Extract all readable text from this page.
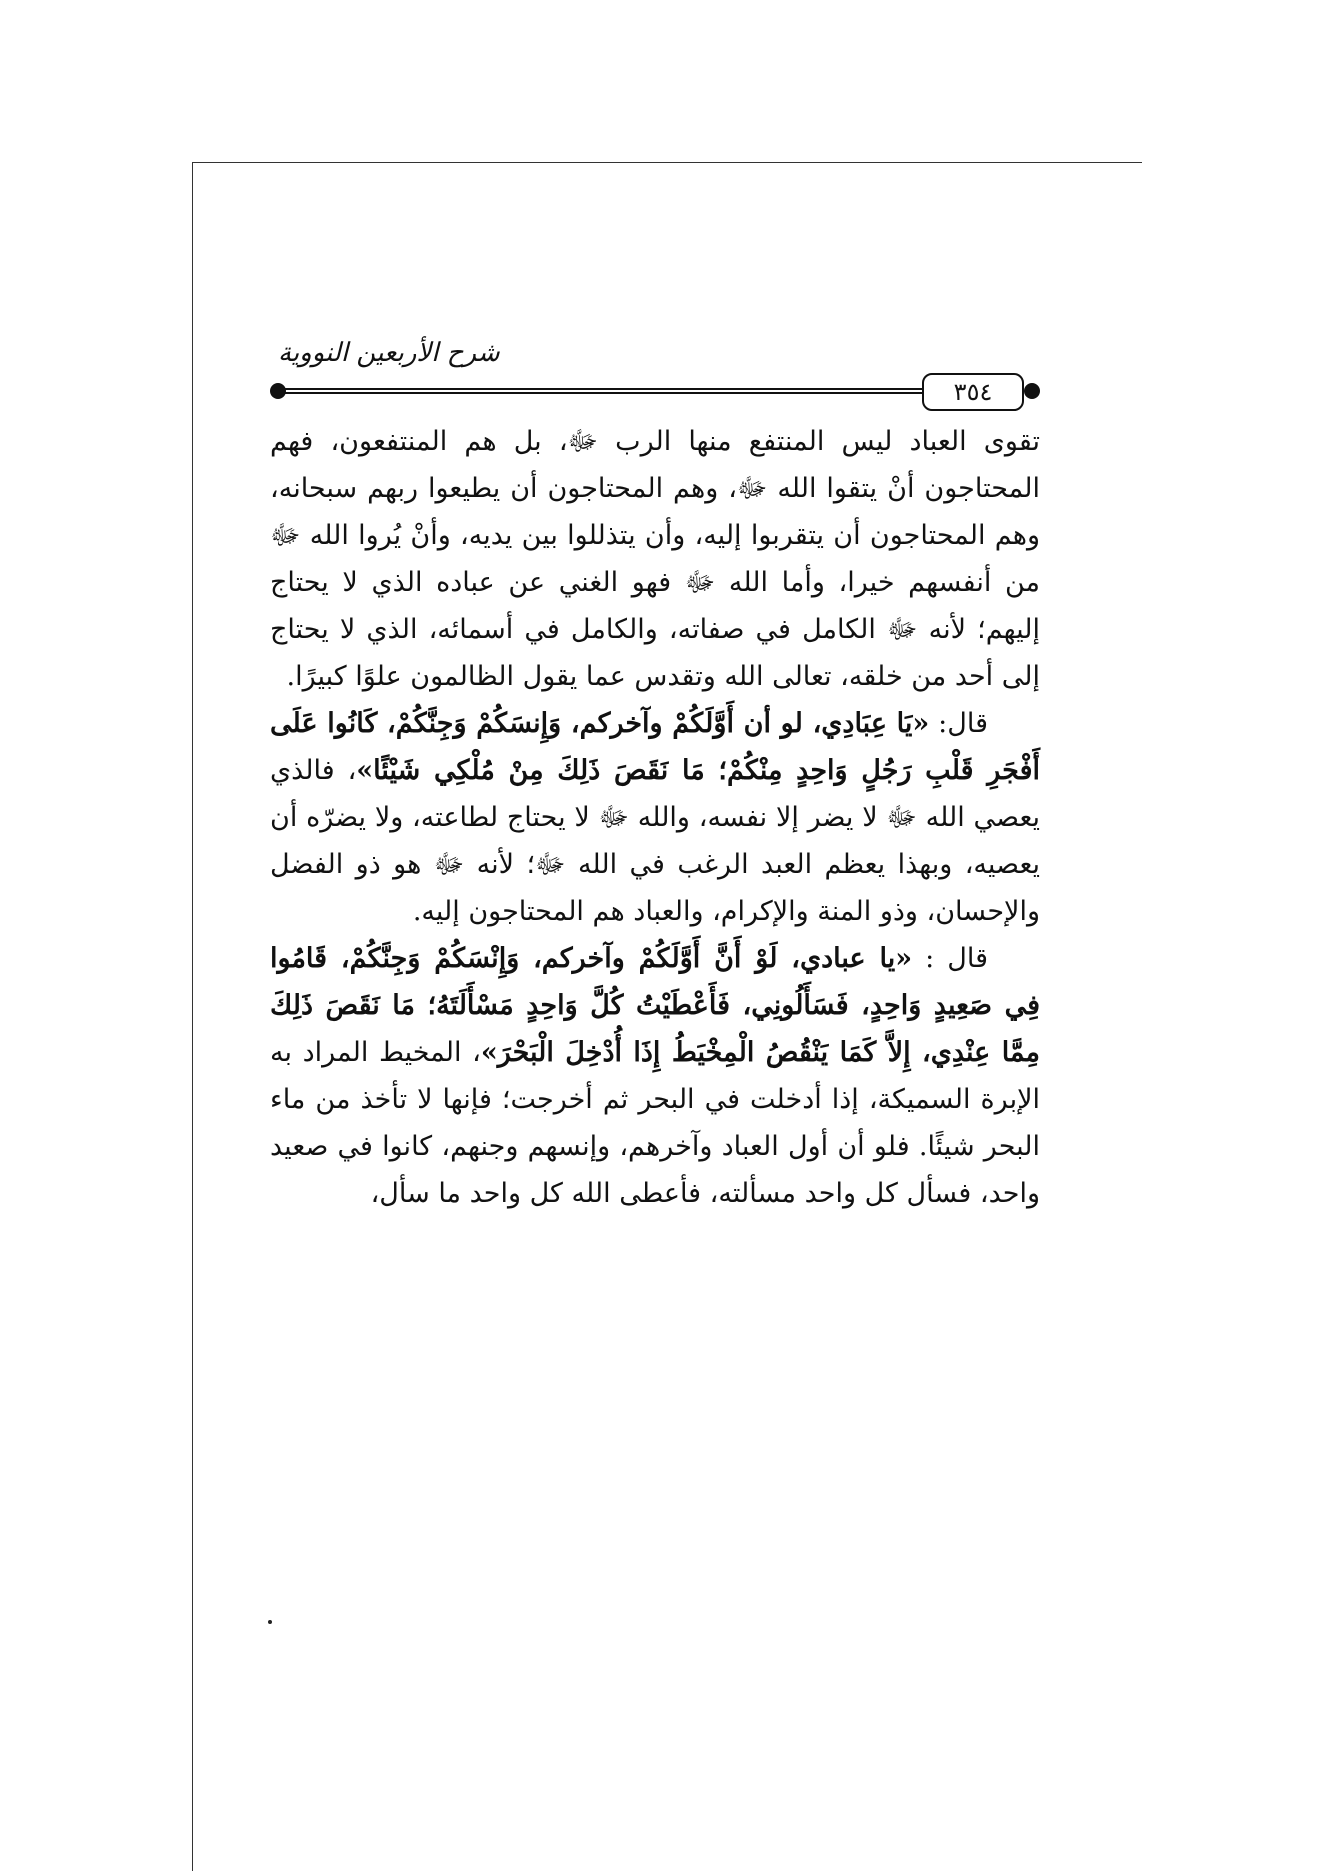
شرح الأربعين النووية
٣٥٤

تقوى العباد ليس المنتفع منها الرب ﷻ، بل هم المنتفعون، فهم المحتاجون أنْ يتقوا الله ﷻ، وهم المحتاجون أن يطيعوا ربهم سبحانه، وهم المحتاجون أن يتقربوا إليه، وأن يتذللوا بين يديه، وأنْ يُروا الله ﷻ من أنفسهم خيرا، وأما الله ﷻ فهو الغني عن عباده الذي لا يحتاج إليهم؛ لأنه ﷻ الكامل في صفاته، والكامل في أسمائه، الذي لا يحتاج إلى أحد من خلقه، تعالى الله وتقدس عما يقول الظالمون علوًا كبيرًا.

قال: «يَا عِبَادِي، لو أن أَوَّلَكُمْ وآخركم، وَإِنسَكُمْ وَجِنَّكُمْ، كَانُوا عَلَى أَفْجَرِ قَلْبِ رَجُلٍ وَاحِدٍ مِنْكُمْ؛ مَا نَقَصَ ذَلِكَ مِنْ مُلْكِي شَيْئًا»، فالذي يعصي الله ﷻ لا يضر إلا نفسه، والله ﷻ لا يحتاج لطاعته، ولا يضرّه أن يعصيه، وبهذا يعظم العبد الرغب في الله ﷻ؛ لأنه ﷻ هو ذو الفضل والإحسان، وذو المنة والإكرام، والعباد هم المحتاجون إليه.

قال : «يا عبادي، لَوْ أَنَّ أَوَّلَكُمْ وآخركم، وَإِنْسَكُمْ وَجِنَّكُمْ، قَامُوا فِي صَعِيدٍ وَاحِدٍ، فَسَأَلُونِي، فَأَعْطَيْتُ كُلَّ وَاحِدٍ مَسْأَلَتَهُ؛ مَا نَقَصَ ذَلِكَ مِمَّا عِنْدِي، إِلاَّ كَمَا يَنْقُصُ الْمِخْيَطُ إِذَا أُدْخِلَ الْبَحْرَ»، المخيط المراد به الإبرة السميكة، إذا أدخلت في البحر ثم أخرجت؛ فإنها لا تأخذ من ماء البحر شيئًا. فلو أن أول العباد وآخرهم، وإنسهم وجنهم، كانوا في صعيد واحد، فسأل كل واحد مسألته، فأعطى الله كل واحد ما سأل،
